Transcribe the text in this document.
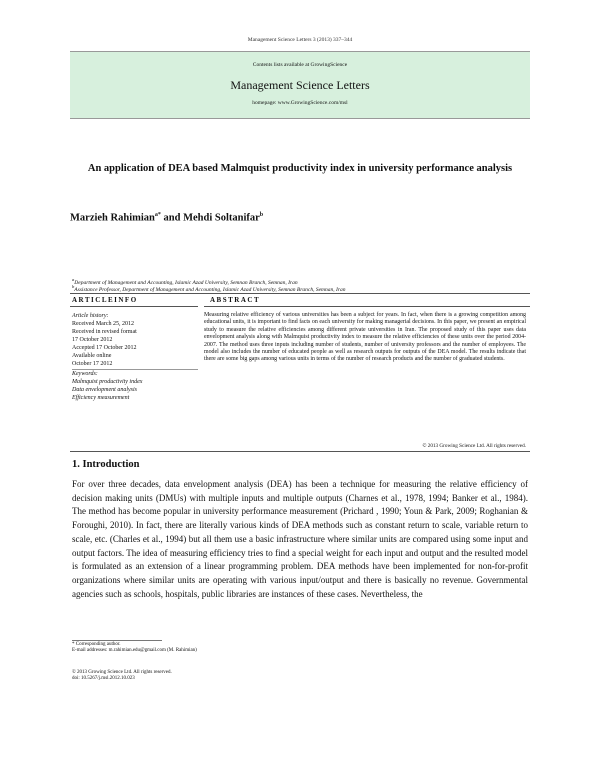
Management Science Letters 3 (2013) 337–344
Contents lists available at GrowingScience
Management Science Letters
homepage: www.GrowingScience.com/msl
An application of DEA based Malmquist productivity index in university performance analysis
Marzieh Rahimian$^{a*}$ and Mehdi Soltanifar$^b$
$^a$Department of Management and Accounting, Islamic Azad University, Semnan Branch, Semnan, Iran
$^b$Assistance Professor, Department of Management and Accounting, Islamic Azad University, Semnan Branch, Semnan, Iran
ARTICLEINFO	ABSTRACT
Article history:
Received March 25, 2012
Received in revised format
17 October 2012
Accepted 17 October 2012
Available online
October 17 2012
Keywords:
Malmquist productivity index
Data envelopment analysis
Efficiency measurement
Measuring relative efficiency of various universities has been a subject for years. In fact, when there is a growing competition among educational units, it is important to find facts on each university for making managerial decisions. In this paper, we present an empirical study to measure the relative efficiencies among different private universities in Iran. The proposed study of this paper uses data envelopment analysis along with Malmquist productivity index to measure the relative efficiencies of these units over the period 2004-2007. The method uses three inputs including number of students, number of university professors and the number of employees. The model also includes the number of educated people as well as research outputs for outputs of the DEA model. The results indicate that there are some big gaps among various units in terms of the number of research products and the number of graduated students.
© 2013 Growing Science Ltd. All rights reserved.
1. Introduction

For over three decades, data envelopment analysis (DEA) has been a technique for measuring the relative efficiency of decision making units (DMUs) with multiple inputs and multiple outputs (Charnes et al., 1978, 1994; Banker et al., 1984). The method has become popular in university performance measurement (Prichard , 1990; Youn & Park, 2009; Roghanian & Foroughi, 2010). In fact, there are literally various kinds of DEA methods such as constant return to scale, variable return to scale, etc. (Charles et al., 1994) but all them use a basic infrastructure where similar units are compared using some input and output factors. The idea of measuring efficiency tries to find a special weight for each input and output and the resulted model is formulated as an extension of a linear programming problem. DEA methods have been implemented for non-for-profit organizations where similar units are operating with various input/output and there is basically no revenue. Governmental agencies such as schools, hospitals, public libraries are instances of these cases. Nevertheless, the

* Corresponding author.
E-mail addresses: m.rahimian.edu@gmail.com (M. Rahimian)
© 2013 Growing Science Ltd. All rights reserved.
doi: 10.5267/j.msl.2012.10.023
